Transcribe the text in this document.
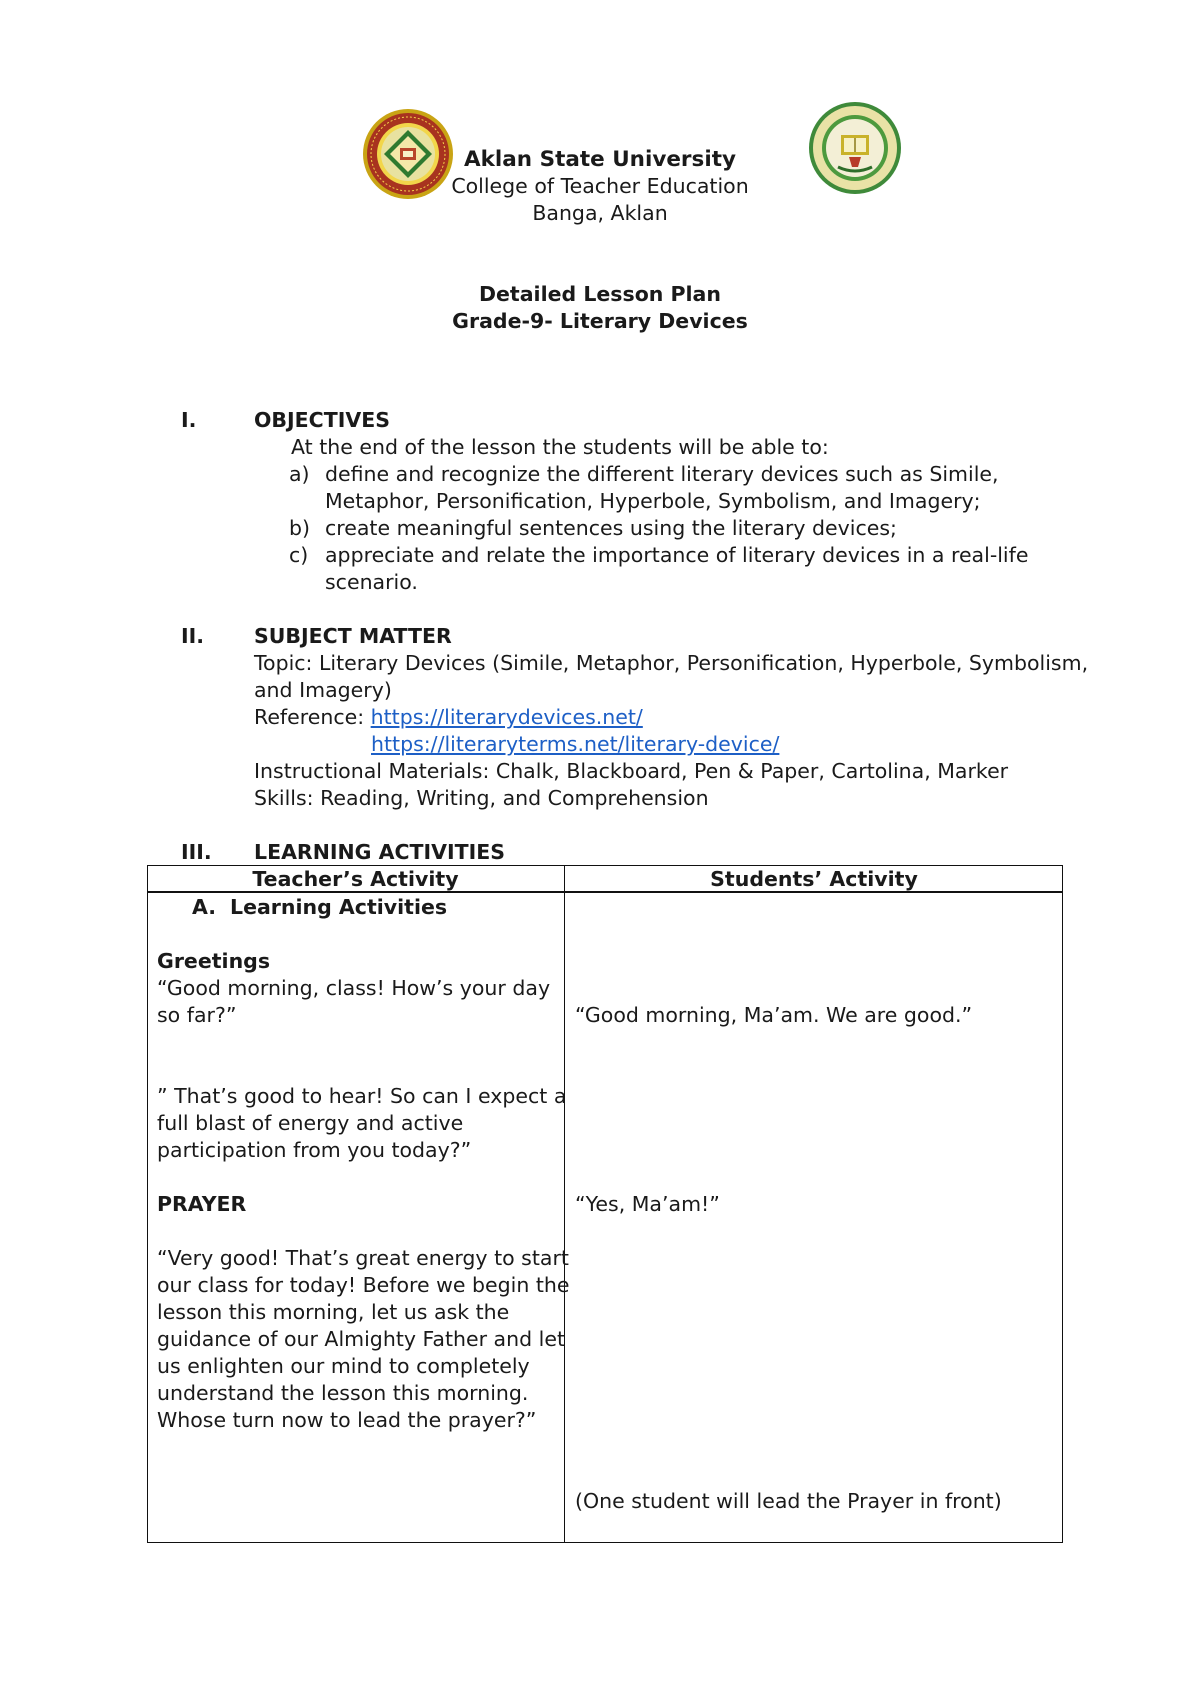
Aklan State University
College of Teacher Education
Banga, Aklan
Detailed Lesson Plan
Grade-9- Literary Devices
I.	OBJECTIVES
At the end of the lesson the students will be able to:
a) define and recognize the different literary devices such as Simile,
Metaphor, Personification, Hyperbole, Symbolism, and Imagery;
b) create meaningful sentences using the literary devices;
c) appreciate and relate the importance of literary devices in a real-life
scenario.
II. SUBJECT MATTER
Topic: Literary Devices (Simile, Metaphor, Personification, Hyperbole, Symbolism,
and Imagery)
Reference: https://literarydevices.net/
https://literaryterms.net/literary-device/
Instructional Materials: Chalk, Blackboard, Pen & Paper, Cartolina, Marker
Skills: Reading, Writing, and Comprehension
III. LEARNING ACTIVITIES
Teacher’s Activity	Students’ Activity
A. Learning Activities
Greetings
“Good morning, class! How’s your day
so far?”
” That’s good to hear! So can I expect a
full blast of energy and active
participation from you today?”
PRAYER
“Very good! That’s great energy to start
our class for today! Before we begin the
lesson this morning, let us ask the
guidance of our Almighty Father and let
us enlighten our mind to completely
understand the lesson this morning.
Whose turn now to lead the prayer?”
“Good morning, Ma’am. We are good.”
“Yes, Ma’am!”
(One student will lead the Prayer in front)
